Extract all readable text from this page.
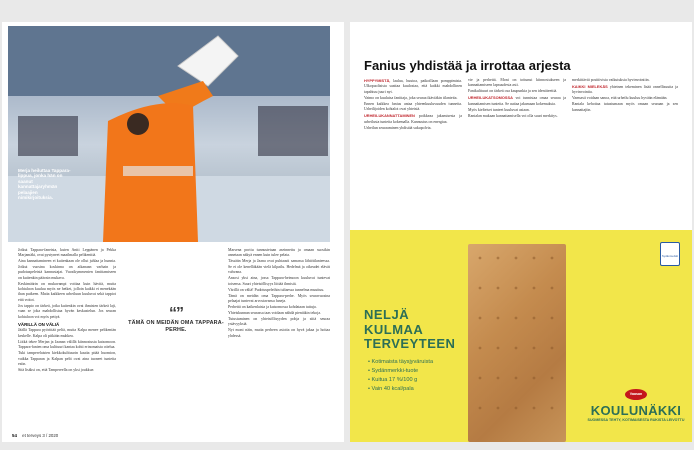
Merja heiluttaa Tappara-lippua, jonka hän on saanut kannattajaryhmän pelaajien nimikirjoituksia.

Jotkut Tappara-faneista, kuten Antti Leppänen ja Pekka Marjamäki, ovat pystyneet maailmalla pelikenttiä.

Aina kannattamineen ei kuitenkaan ole ollut juhlaa ja hunnia. Jotkut vuosina koskinna on aikanaan varhain ja pudotuspeleistä kannustajat. Vuosikymmenien fanittamiseen on kuitenkin pääosin mukava.

Keskimäärin on mukavampi voittaa kuin hävitä, mutta kohtaloon kuuluu myös ne hetket, jolloin kaikki ei menekään ihan putkeen. Matta kaikkeen urheiluun kuuluvat sekä tappiot että voitot.

Jos tappio on tärkeä, jotka kuitenkin ovat ihmisten tärkeä laji, vaan se joka mahdollistaa hyvän keskustelun. Jos seuran kohtaloon voi myös pettyä.

VÄRILLÄ ON VÄLIÄ

Jäällä Tappara pyörittää peliä, mutta Kalpa menee pelikentän keskelle. Kalpa oli pitkään muhkea.

Liitkä tekee Merjan ja Jaanan välillä kiinnostusta katsomoon. Tappara-fanien oma kulttuuri kantaa kohti erinomaista ottelua.

Tuki tamperelaisten kiekkokulttuurin kautta pitää huomion, vaikka Tapparan ja Kalpan pelit ovat aina tuoneet tunteita esiin.

Sitä lisäksi on, että Tampereella on yksi joukkue.

“”
TÄMÄ ON MEIDÄN OMA TAPPARA-PERHE.

Marsena porttu tunnustetaan aseinnettu ja omaan suosikin annetaan näkyä ennen kuin tulee pelata.

Tässään Merja ja Jaana ovat puhtaasti samassa lähtötilanteessa. Se ei ole kenelläkään vielä kilpailu. Hedelmä ja oikeudet elävät vahvana.

Ansosi yksi aina, jossa Tappara-heimoon kuuluvat tuntevat toisensa. Suuri yhteisöllisyys liittää ihmisiä.

Värillä on väliä! Pudotuspeleihin tultaessa tunnelma muuttuu.

Tämä on meidän oma Tappara-perhe. Myös seuravuosina pelaajat tuntevat arvostavansa faneja.

Perhettä on kaikenlaisia ja katsomossa kohdataan tuttuja.

Yhteiskunnan seurassa taas voidaan nähdä pieniäkin tekoja.

Tutustuminen on yhteisöllisyyden pohja ja siitä seuraa ystävyyksiä.

Nyt moni näin, mutta perheen asioita on hyvä jakaa ja hoitaa yhdessä.

54 et terveys 3 / 2020
Fanius yhdistää ja irrottaa arjesta

HYPPYMISTÄ, laulua, huutoa, paikoillaan pomppimista. Ulkopuolisista saattaa kuulostaa, että kaikki mahdollinen tapahtuu juuri nyt.

Vaimo on kuuluisa fanittaja, joka seuraa ikäviäkin tilanteita.

Ennen kaikkea fanius antaa yhteenkuuluvuuden tunnetta. Urheilijoiden kohtalot ovat yhteisiä.

URHEILUKANNATTAMINEN poikkeaa jakamisesta ja urheilusta tunteita kokemalla. Kannustus on energiaa.

Urheilun seuraaminen yhdistää sukupolvia.

vie ja perhettä. Moni on tottunut kiinnostukseen ja kannattamiseen lapsuudesta asti.

Fanikulttuuri on tärkeä osa kaupunkia ja sen identiteettiä.

URHEILUKATSOMOSSA voi tunnistaa omaa seuraa ja kannattamisen tunteita. Se auttaa jakamaan kokemuksia.

Myös kielteiset tunteet kuuluvat asiaan.

Rantalan mukaan kannattamisella voi olla suuri merkitys.

merkittäviä positiivisia vaikutuksia hyvinvointiin.

KAIKKI MIELEKÄS yhteinen tekeminen lisää onnellisuutta ja hyvinvointia.

Varmasti voidaan sanoa, että urheilu kuuluu hyvään elämään.

Rantala kehottaa tutustumaan myös omaan seuraan ja sen kannattajiin.

Sydänmerkki
NELJÄ
KULMAA
TERVEYTEEN
• Kotimaista täysjyväruista
• Sydänmerkki-tuote
• Kuitua 17 %/100 g
• Vain 40 kcal/pala
Vaasan
KOULUNÄKKI
SUOMESSA TEHTY, KOTIMAISESTA RUKISTA LEIVOTTU
